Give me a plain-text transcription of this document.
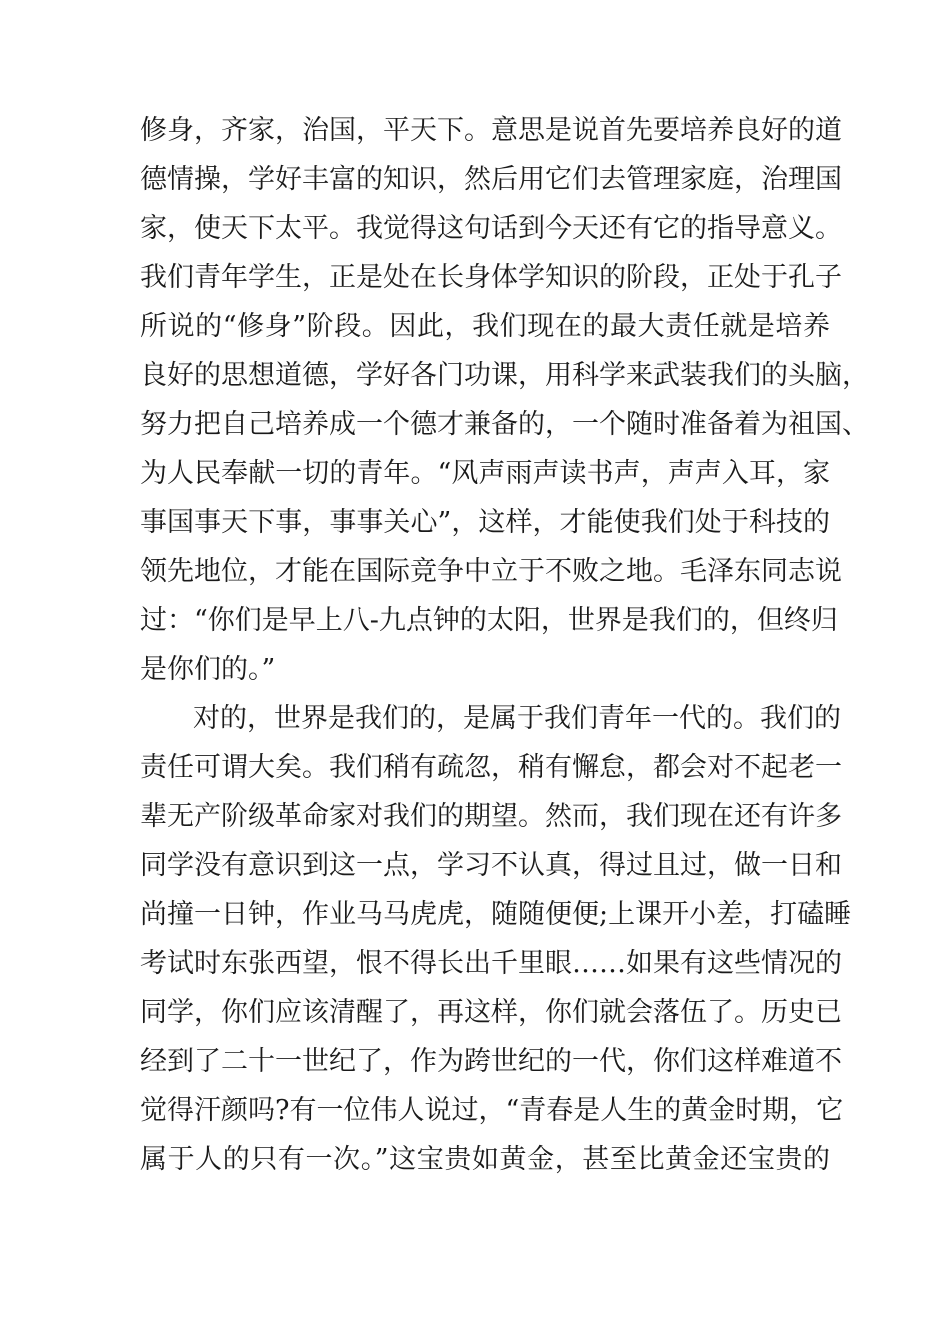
修身，齐家，治国，平天下。意思是说首先要培养良好的道
德情操，学好丰富的知识，然后用它们去管理家庭，治理国
家，使天下太平。我觉得这句话到今天还有它的指导意义。
我们青年学生，正是处在长身体学知识的阶段，正处于孔子
所说的“修身”阶段。因此，我们现在的最大责任就是培养
良好的思想道德，学好各门功课，用科学来武装我们的头脑，
努力把自己培养成一个德才兼备的，一个随时准备着为祖国、
为人民奉献一切的青年。“风声雨声读书声，声声入耳，家
事国事天下事，事事关心”，这样，才能使我们处于科技的
领先地位，才能在国际竞争中立于不败之地。毛泽东同志说
过：“你们是早上八-九点钟的太阳，世界是我们的，但终归
是你们的。”
对的，世界是我们的，是属于我们青年一代的。我们的
责任可谓大矣。我们稍有疏忽，稍有懈怠，都会对不起老一
辈无产阶级革命家对我们的期望。然而，我们现在还有许多
同学没有意识到这一点，学习不认真，得过且过，做一日和
尚撞一日钟，作业马马虎虎，随随便便;上课开小差，打磕睡
考试时东张西望，恨不得长出千里眼……如果有这些情况的
同学，你们应该清醒了，再这样，你们就会落伍了。历史已
经到了二十一世纪了，作为跨世纪的一代，你们这样难道不
觉得汗颜吗?有一位伟人说过，“青春是人生的黄金时期，它
属于人的只有一次。”这宝贵如黄金，甚至比黄金还宝贵的
